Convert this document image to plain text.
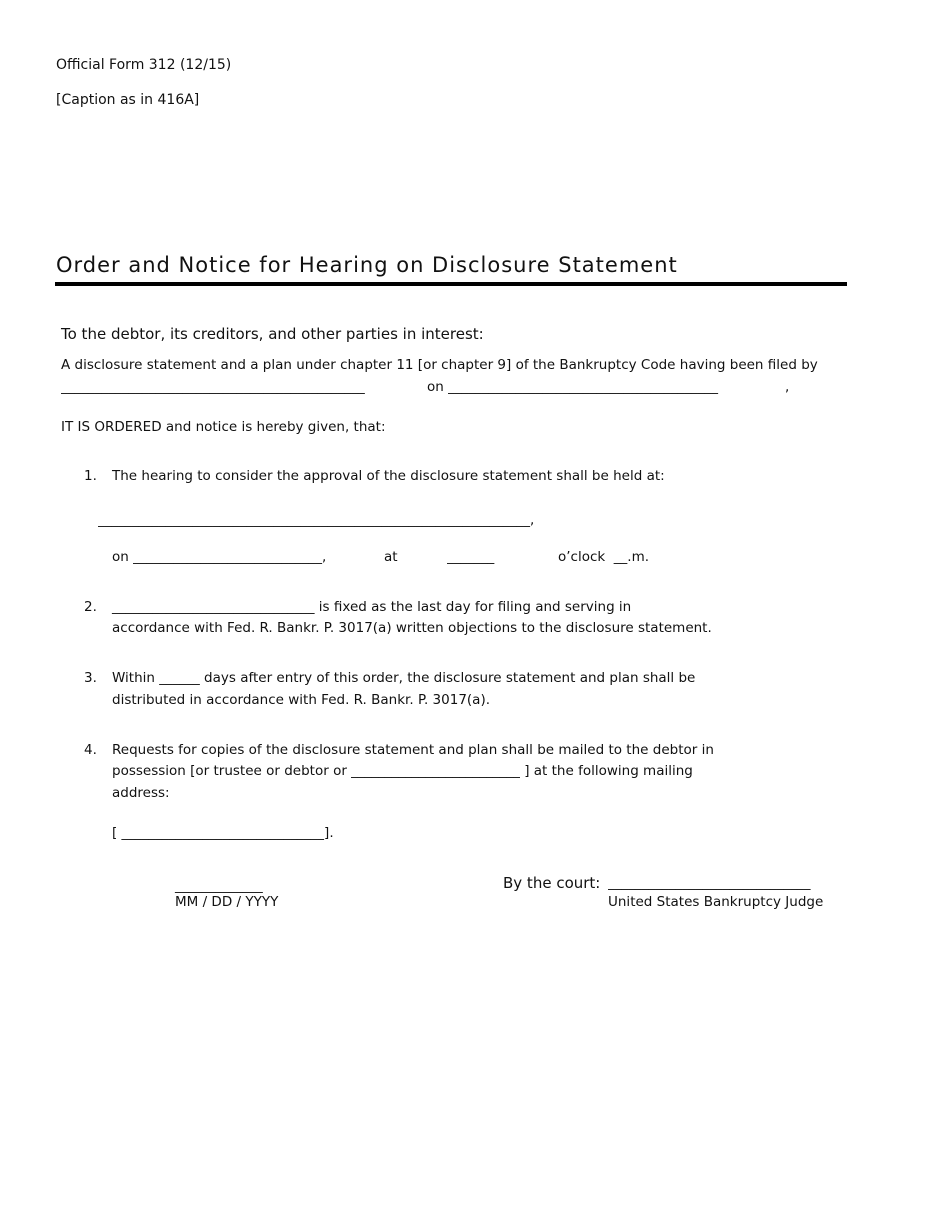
Official Form 312 (12/15)
[Caption as in 416A]
Order and Notice for Hearing on Disclosure Statement
To the debtor, its creditors, and other parties in interest:
A disclosure statement and a plan under chapter 11 [or chapter 9] of the Bankruptcy Code having been filed by
_____________________________________________	on ________________________________________	,
IT IS ORDERED and notice is hereby given, that:
1. The hearing to consider the approval of the disclosure statement shall be held at:
________________________________________________________________,
on ____________________________,	at	_______	o’clock  __.m.
2. ______________________________ is fixed as the last day for filing and serving in
accordance with Fed. R. Bankr. P. 3017(a) written objections to the disclosure statement.
3. Within ______ days after entry of this order, the disclosure statement and plan shall be
distributed in accordance with Fed. R. Bankr. P. 3017(a).
4. Requests for copies of the disclosure statement and plan shall be mailed to the debtor in
possession [or trustee or debtor or _________________________ ] at the following mailing
address:
[ ______________________________].
_____________
MM / DD / YYYY
By the court: ______________________________
United States Bankruptcy Judge
